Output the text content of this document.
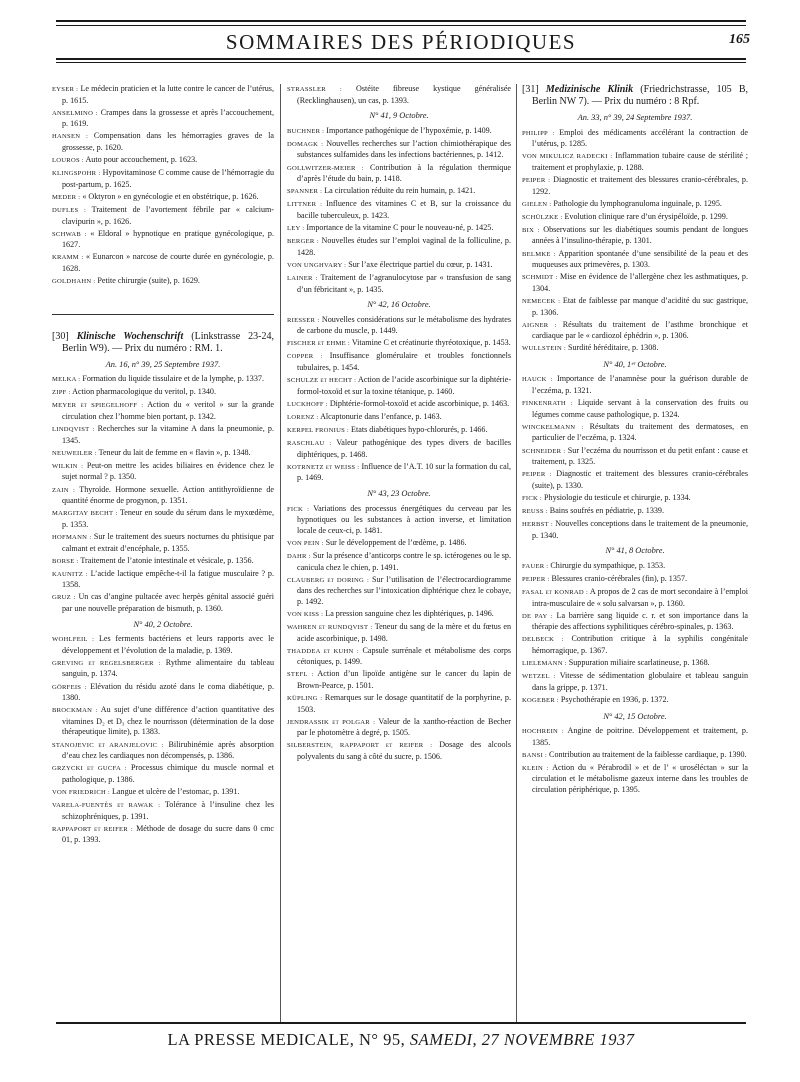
SOMMAIRES DES PÉRIODIQUES	165

EYSER : Le médecin praticien et la lutte contre le cancer de l’utérus, p. 1615.

ANSELMINO : Crampes dans la grossesse et après l’accouchement, p. 1619.

HANSEN : Compensation dans les hémorragies graves de la grossesse, p. 1620.

LOUROS : Auto pour accouchement, p. 1623.

KLINGSPOHR : Hypovitaminose C comme cause de l’hémorragie du post-partum, p. 1625.

MEDER : « Oktyron » en gynécologie et en obstétrique, p. 1626.

DUFLES : Traitement de l’avortement fébrile par « calcium-clavipurin », p. 1626.

SCHWAB : « Eldoral » hypnotique en pratique gynécologique, p. 1627.

KRAMM : « Eunarcon » narcose de courte durée en gynécologie, p. 1628.

GOLDHAHN : Petite chirurgie (suite), p. 1629.

[30] Klinische Wochenschrift (Linkstrasse 23-24, Berlin W9). — Prix du numéro : RM. 1.

An. 16, n° 39, 25 Septembre 1937.

MELKA : Formation du liquide tissulaire et de la lymphe, p. 1337.

ZIPF : Action pharmacologique du veritol, p. 1340.

MEYER et SPIEGELHOFF : Action du « veritol » sur la grande circulation chez l’homme bien portant, p. 1342.

LINDQVIST : Recherches sur la vitamine A dans la pneumonie, p. 1345.

NEUWEILER : Teneur du lait de femme en « flavin », p. 1348.

WILKIN : Peut-on mettre les acides biliaires en évidence chez le sujet normal ? p. 1350.

ZAIN : Thyroïde. Hormone sexuelle. Action antithyroïdienne de quantité énorme de progynon, p. 1351.

MARGITAY BECHT : Teneur en soude du sérum dans le myxœdème, p. 1353.

HOFMANN : Sur le traitement des sueurs nocturnes du phtisique par calmant et extrait d’encéphale, p. 1355.

BORSE : Traitement de l’atonie intestinale et vésicale, p. 1356.

KAUNITZ : L’acide lactique empêche-t-il la fatigue musculaire ? p. 1358.

GRUZ : Un cas d’angine pultacée avec herpès génital associé guéri par une nouvelle préparation de bismuth, p. 1360.

N° 40, 2 Octobre.

WOHLFEIL : Les ferments bactériens et leurs rapports avec le développement et l’évolution de la maladie, p. 1369.

GREVING et REGELSBERGER : Rythme alimentaire du tableau sanguin, p. 1374.

GÖRFEIS : Elévation du résidu azoté dans le coma diabétique, p. 1380.

BROCKMAN : Au sujet d’une différence d’action quantitative des vitamines D₂ et D₃ chez le nourrisson (détermination de la dose thérapeutique limite), p. 1383.

STANOJEVIC et ARANJELOVIC : Bilirubinémie après absorption d’eau chez les cardiaques non décompensés, p. 1386.

GRZYCKI et GUCFA : Processus chimique du muscle normal et pathologique, p. 1386.

VON FRIEDRICH : Langue et ulcère de l’estomac, p. 1391.

VARELA-FUENTÈS et RAWAK : Tolérance à l’insuline chez les schizophréniques, p. 1391.

RAPPAPORT et REIFER : Méthode de dosage du sucre dans 0 cmc 01, p. 1393.

STRASSLER : Ostéite fibreuse kystique généralisée (Recklinghausen), un cas, p. 1393.

N° 41, 9 Octobre.

BUCHNER : Importance pathogénique de l’hypoxémie, p. 1409.

DOMAGK : Nouvelles recherches sur l’action chimiothérapique des substances sulfamides dans les infections bactériennes, p. 1412.

GOLLWITZER-MEIER : Contribution à la régulation thermique d’après l’étude du bain, p. 1418.

SPANNER : La circulation réduite du rein humain, p. 1421.

LITTNER : Influence des vitamines C et B, sur la croissance du bacille tuberculeux, p. 1423.

LEY : Importance de la vitamine C pour le nouveau-né, p. 1425.

BERGER : Nouvelles études sur l’emploi vaginal de la folliculine, p. 1428.

VON UNGHVARY : Sur l’axe électrique partiel du cœur, p. 1431.

LAINER : Traitement de l’agranulocytose par « transfusion de sang d’un fébricitant », p. 1435.

N° 42, 16 Octobre.

RIESSER : Nouvelles considérations sur le métabolisme des hydrates de carbone du muscle, p. 1449.

FISCHER et EHME : Vitamine C et créatinurie thyréotoxique, p. 1453.

COPPER : Insuffisance glomérulaire et troubles fonctionnels tubulaires, p. 1454.

SCHULZE et HECHT : Action de l’acide ascorbinique sur la diphtérie-formol-toxoïd et sur la toxine tétanique, p. 1460.

LUCKHOFF : Diphtérie-formol-toxoïd et acide ascorbinique, p. 1463.

LORENZ : Alcaptonurie dans l’enfance, p. 1463.

KERPEL FRONIUS : Etats diabétiques hypo-chlorurés, p. 1466.

RASCHLAU : Valeur pathogénique des types divers de bacilles diphtériques, p. 1468.

KOTRNETZ et WEISS : Influence de l’A.T. 10 sur la formation du cal, p. 1469.

N° 43, 23 Octobre.

FICK : Variations des processus énergétiques du cerveau par les hypnotiques ou les substances à action inverse, et limitation locale de ceux-ci, p. 1481.

VON PEIN : Sur le développement de l’œdème, p. 1486.

DAHR : Sur la présence d’anticorps contre le sp. ictérogenes ou le sp. canicula chez le chien, p. 1491.

CLAUBERG et DORING : Sur l’utilisation de l’électrocardiogramme dans des recherches sur l’intoxication diphtérique chez le cobaye, p. 1492.

VON KISS : La pression sanguine chez les diphtériques, p. 1496.

WAHREN et RUNDQVIST : Teneur du sang de la mère et du fœtus en acide ascorbinique, p. 1498.

THADDEA et KUHN : Capsule surrénale et métabolisme des corps cétoniques, p. 1499.

STEFL : Action d’un lipoïde antigène sur le cancer du lapin de Brown-Pearce, p. 1501.

KÜPLING : Remarques sur le dosage quantitatif de la porphyrine, p. 1503.

JENDRASSIK et POLGAR : Valeur de la xantho-réaction de Becher par le photomètre à degré, p. 1505.

SILBERSTEIN, RAPPAPORT et REIFER : Dosage des alcools polyvalents du sang à côté du sucre, p. 1506.

[31] Medizinische Klinik (Friedrichstrasse, 105 B, Berlin NW 7). — Prix du numéro : 8 Rpf.

An. 33, n° 39, 24 Septembre 1937.

PHILIPP : Emploi des médicaments accélérant la contraction de l’utérus, p. 1285.

VON MIKULICZ RADECKI : Inflammation tubaire cause de stérilité ; traitement et prophylaxie, p. 1288.

PEIPER : Diagnostic et traitement des blessures cranio-cérébrales, p. 1292.

GIELEN : Pathologie du lymphogranuloma inguinale, p. 1295.

SCHÜLZKE : Evolution clinique rare d’un érysipéloïde, p. 1299.

BIX : Observations sur les diabétiques soumis pendant de longues années à l’insulino-thérapie, p. 1301.

BELMKE : Apparition spontanée d’une sensibilité de la peau et des muqueuses aux primevères, p. 1303.

SCHMIDT : Mise en évidence de l’allergène chez les asthmatiques, p. 1304.

NEMECEK : Etat de faiblesse par manque d’acidité du suc gastrique, p. 1306.

AIGNER : Résultats du traitement de l’asthme bronchique et cardiaque par le « cardiozol éphédrin », p. 1306.

WULLSTEIN : Surdité héréditaire, p. 1308.

N° 40, 1ᵉʳ Octobre.

HAUCK : Importance de l’anamnèse pour la guérison durable de l’eczéma, p. 1321.

FINKENRATH : Liquide servant à la conservation des fruits ou légumes comme cause pathologique, p. 1324.

WINCKELMANN : Résultats du traitement des dermatoses, en particulier de l’eczéma, p. 1324.

SCHNEIDER : Sur l’eczéma du nourrisson et du petit enfant : cause et traitement, p. 1325.

PEIPER : Diagnostic et traitement des blessures cranio-cérébrales (suite), p. 1330.

FICK : Physiologie du testicule et chirurgie, p. 1334.

REUSS : Bains soufrés en pédiatrie, p. 1339.

HERBST : Nouvelles conceptions dans le traitement de la pneumonie, p. 1340.

N° 41, 8 Octobre.

FAUER : Chirurgie du sympathique, p. 1353.

PEIPER : Blessures cranio-cérébrales (fin), p. 1357.

FASAL et KONRAD : A propos de 2 cas de mort secondaire à l’emploi intra-musculaire de « solu salvarsan », p. 1360.

DE PAY : La barrière sang liquide c. r. et son importance dans la thérapie des affections syphilitiques cérébro-spinales, p. 1363.

DELBECK : Contribution critique à la syphilis congénitale hémorragique, p. 1367.

LIELEMANN : Suppuration miliaire scarlatineuse, p. 1368.

WETZEL : Vitesse de sédimentation globulaire et tableau sanguin dans la grippe, p. 1371.

KOGEBER : Psychothérapie en 1936, p. 1372.

N° 42, 15 Octobre.

HOCHREIN : Angine de poitrine. Développement et traitement, p. 1385.

BANSI : Contribution au traitement de la faiblesse cardiaque, p. 1390.

KLEIN : Action du « Pérabrodil » et de l’ « uroséléctan » sur la circulation et le métabolisme gazeux interne dans les troubles de circulation périphérique, p. 1395.

LA PRESSE MEDICALE, N° 95, SAMEDI, 27 NOVEMBRE 1937
